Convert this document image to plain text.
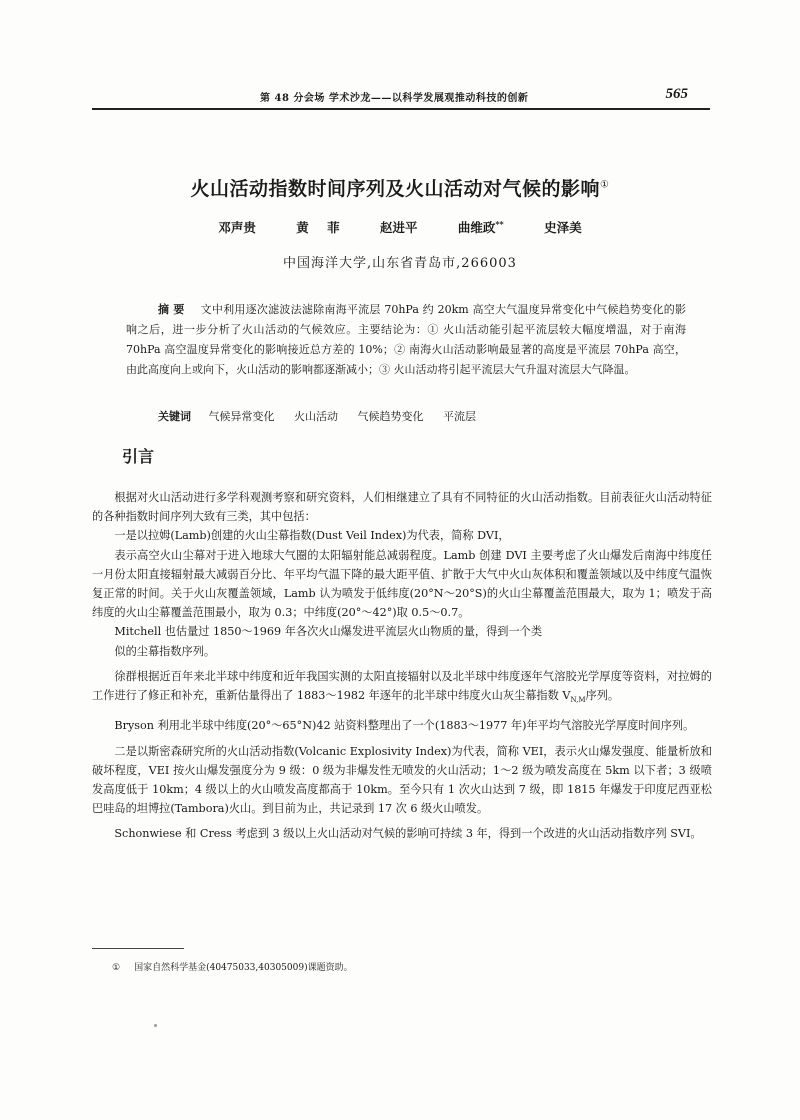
第 48 分会场 学术沙龙——以科学发展观推动科技的创新	565
火山活动指数时间序列及火山活动对气候的影响①
邓声贵	黄 菲	赵进平	曲维政**	史泽美
中国海洋大学,山东省青岛市,266003
摘 要 文中利用逐次滤波法滤除南海平流层 70hPa 约 20km 高空大气温度异常变化中气候趋势变化的影响之后，进一步分析了火山活动的气候效应。主要结论为：① 火山活动能引起平流层较大幅度增温，对于南海 70hPa 高空温度异常变化的影响接近总方差的 10%；② 南海火山活动影响最显著的高度是平流层 70hPa 高空，由此高度向上或向下，火山活动的影响都逐渐减小；③ 火山活动将引起平流层大气升温对流层大气降温。
关键词 气候异常变化 火山活动 气候趋势变化 平流层
引言

根据对火山活动进行多学科观测考察和研究资料，人们相继建立了具有不同特征的火山活动指数。目前表征火山活动特征的各种指数时间序列大致有三类，其中包括：

一是以拉姆(Lamb)创建的火山尘幕指数(Dust Veil Index)为代表，简称 DVI，

表示高空火山尘幕对于进入地球大气圈的太阳辐射能总减弱程度。Lamb 创建 DVI 主要考虑了火山爆发后南海中纬度任一月份太阳直接辐射最大减弱百分比、年平均气温下降的最大距平值、扩散于大气中火山灰体积和覆盖领域以及中纬度气温恢复正常的时间。关于火山灰覆盖领域，Lamb 认为喷发于低纬度(20°N～20°S)的火山尘幕覆盖范围最大，取为 1；喷发于高纬度的火山尘幕覆盖范围最小，取为 0.3；中纬度(20°～42°)取 0.5～0.7。

Mitchell 也估量过 1850～1969 年各次火山爆发进平流层火山物质的量，得到一个类

似的尘幕指数序列。

徐群根据近百年来北半球中纬度和近年我国实测的太阳直接辐射以及北半球中纬度逐年气溶胶光学厚度等资料，对拉姆的工作进行了修正和补充，重新估量得出了 1883～1982 年逐年的北半球中纬度火山灰尘幕指数 $V_{N,M}$序列。

Bryson 利用北半球中纬度(20°～65°N)42 站资料整理出了一个(1883～1977 年)年平均气溶胶光学厚度时间序列。

二是以斯密森研究所的火山活动指数(Volcanic Explosivity Index)为代表，简称 VEI，表示火山爆发强度、能量析放和破坏程度，VEI 按火山爆发强度分为 9 级：0 级为非爆发性无喷发的火山活动；1～2 级为喷发高度在 5km 以下者；3 级喷发高度低于 10km；4 级以上的火山喷发高度都高于 10km。至今只有 1 次火山达到 7 级，即 1815 年爆发于印度尼西亚松巴哇岛的坦博拉(Tambora)火山。到目前为止，共记录到 17 次 6 级火山喷发。

Schonwiese 和 Cress 考虑到 3 级以上火山活动对气候的影响可持续 3 年，得到一个改进的火山活动指数序列 SVI。

① 国家自然科学基金(40475033,40305009)课题资助。
